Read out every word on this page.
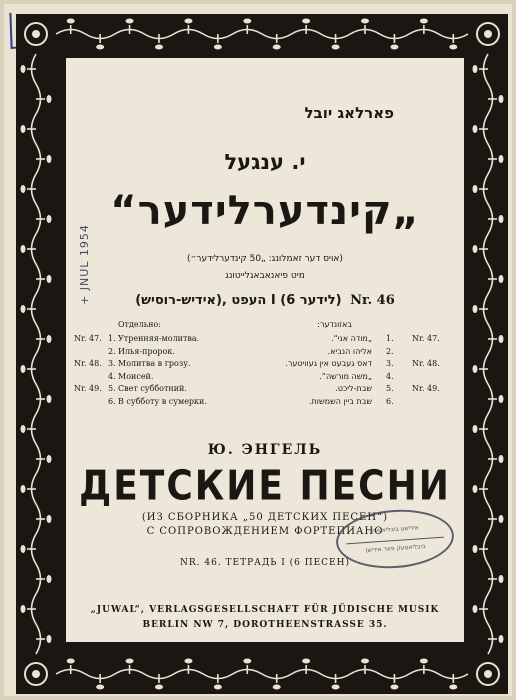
+ JNUL 1954
פארלאג יובל
י. ענגעל
„קינדערלידער“
(אויס דער זאמלונג: „50 קינדערלידער״)
מיט פיאנאבאגלייטונג
(אידיש-רוסיש), העפט I (6 לידער) Nr. 46
Отдельно:	באזונדער:
Nr. 47. 1. Утренняя-молитва.	„מודה אני“. 1. Nr. 47.
2. Илья-пророк.	אליהו הנביא. 2.
Nr. 48. 3. Молитва в грозу.	דאס געבעט אין געוויטער. 3. Nr. 48.
4. Моисей.	„משה מורשה“. 4.
Nr. 49. 5. Свет субботний.	שבת-ליכט. 5. Nr. 49.
6. В субботу в сумерки.	שבת ביין השמשות. 6.
Ю. ЭНГЕЛЬ
ДЕТСКИЕ ПЕСНИ
(ИЗ СБОРНИКА „50 ДЕТСКИХ ПЕСЕН“)
С СОПРОВОЖДЕНИЕМ ФОРТЕПИАНО
NR. 46. ТЕТРАДЬ I (6 ПЕСЕН)
אידישע ביבליאטעק
ביבליאטעק פאר אידישן
„JUWAL“, VERLAGSGESELLSCHAFT FÜR JÜDISCHE MUSIK
BERLIN NW 7, DOROTHEENSTRASSE 35.
